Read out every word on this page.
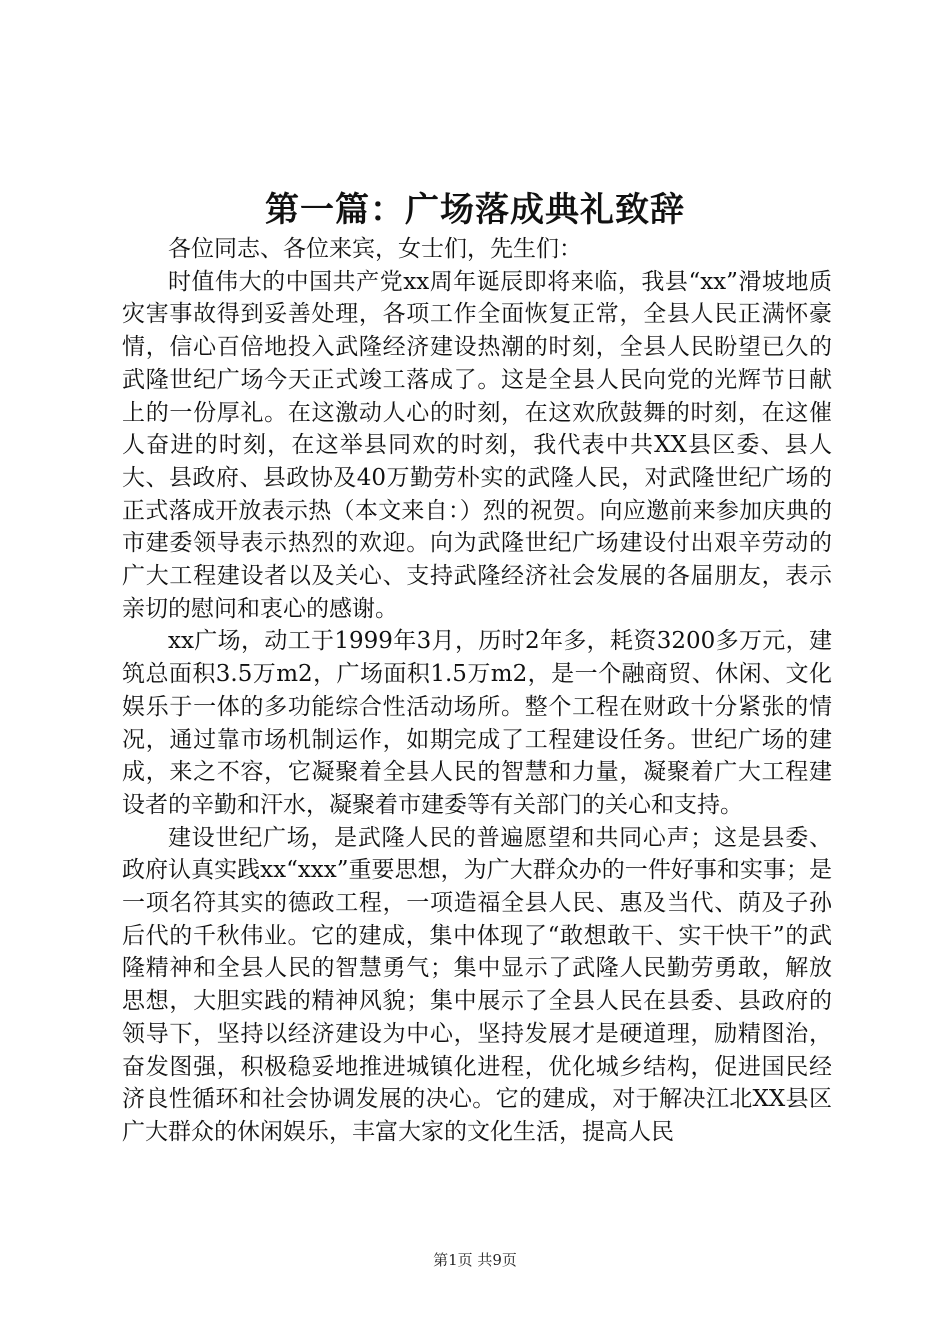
第一篇：广场落成典礼致辞

各位同志、各位来宾，女士们，先生们：

时值伟大的中国共产党xx周年诞辰即将来临，我县“xx”滑坡地质灾害事故得到妥善处理，各项工作全面恢复正常，全县人民正满怀豪情，信心百倍地投入武隆经济建设热潮的时刻，全县人民盼望已久的武隆世纪广场今天正式竣工落成了。这是全县人民向党的光辉节日献上的一份厚礼。在这激动人心的时刻，在这欢欣鼓舞的时刻，在这催人奋进的时刻，在这举县同欢的时刻，我代表中共XX县区委、县人大、县政府、县政协及40万勤劳朴实的武隆人民，对武隆世纪广场的正式落成开放表示热（本文来自：）烈的祝贺。向应邀前来参加庆典的市建委领导表示热烈的欢迎。向为武隆世纪广场建设付出艰辛劳动的广大工程建设者以及关心、支持武隆经济社会发展的各届朋友，表示亲切的慰问和衷心的感谢。

xx广场，动工于1999年3月，历时2年多，耗资3200多万元，建筑总面积3.5万m2，广场面积1.5万m2，是一个融商贸、休闲、文化娱乐于一体的多功能综合性活动场所。整个工程在财政十分紧张的情况，通过靠市场机制运作，如期完成了工程建设任务。世纪广场的建成，来之不容，它凝聚着全县人民的智慧和力量，凝聚着广大工程建设者的辛勤和汗水，凝聚着市建委等有关部门的关心和支持。

建设世纪广场，是武隆人民的普遍愿望和共同心声；这是县委、政府认真实践xx“xxx”重要思想，为广大群众办的一件好事和实事；是一项名符其实的德政工程，一项造福全县人民、惠及当代、荫及子孙后代的千秋伟业。它的建成，集中体现了“敢想敢干、实干快干”的武隆精神和全县人民的智慧勇气；集中显示了武隆人民勤劳勇敢，解放思想，大胆实践的精神风貌；集中展示了全县人民在县委、县政府的领导下，坚持以经济建设为中心，坚持发展才是硬道理，励精图治，奋发图强，积极稳妥地推进城镇化进程，优化城乡结构，促进国民经济良性循环和社会协调发展的决心。它的建成，对于解决江北XX县区广大群众的休闲娱乐，丰富大家的文化生活，提高人民

第1页 共9页
